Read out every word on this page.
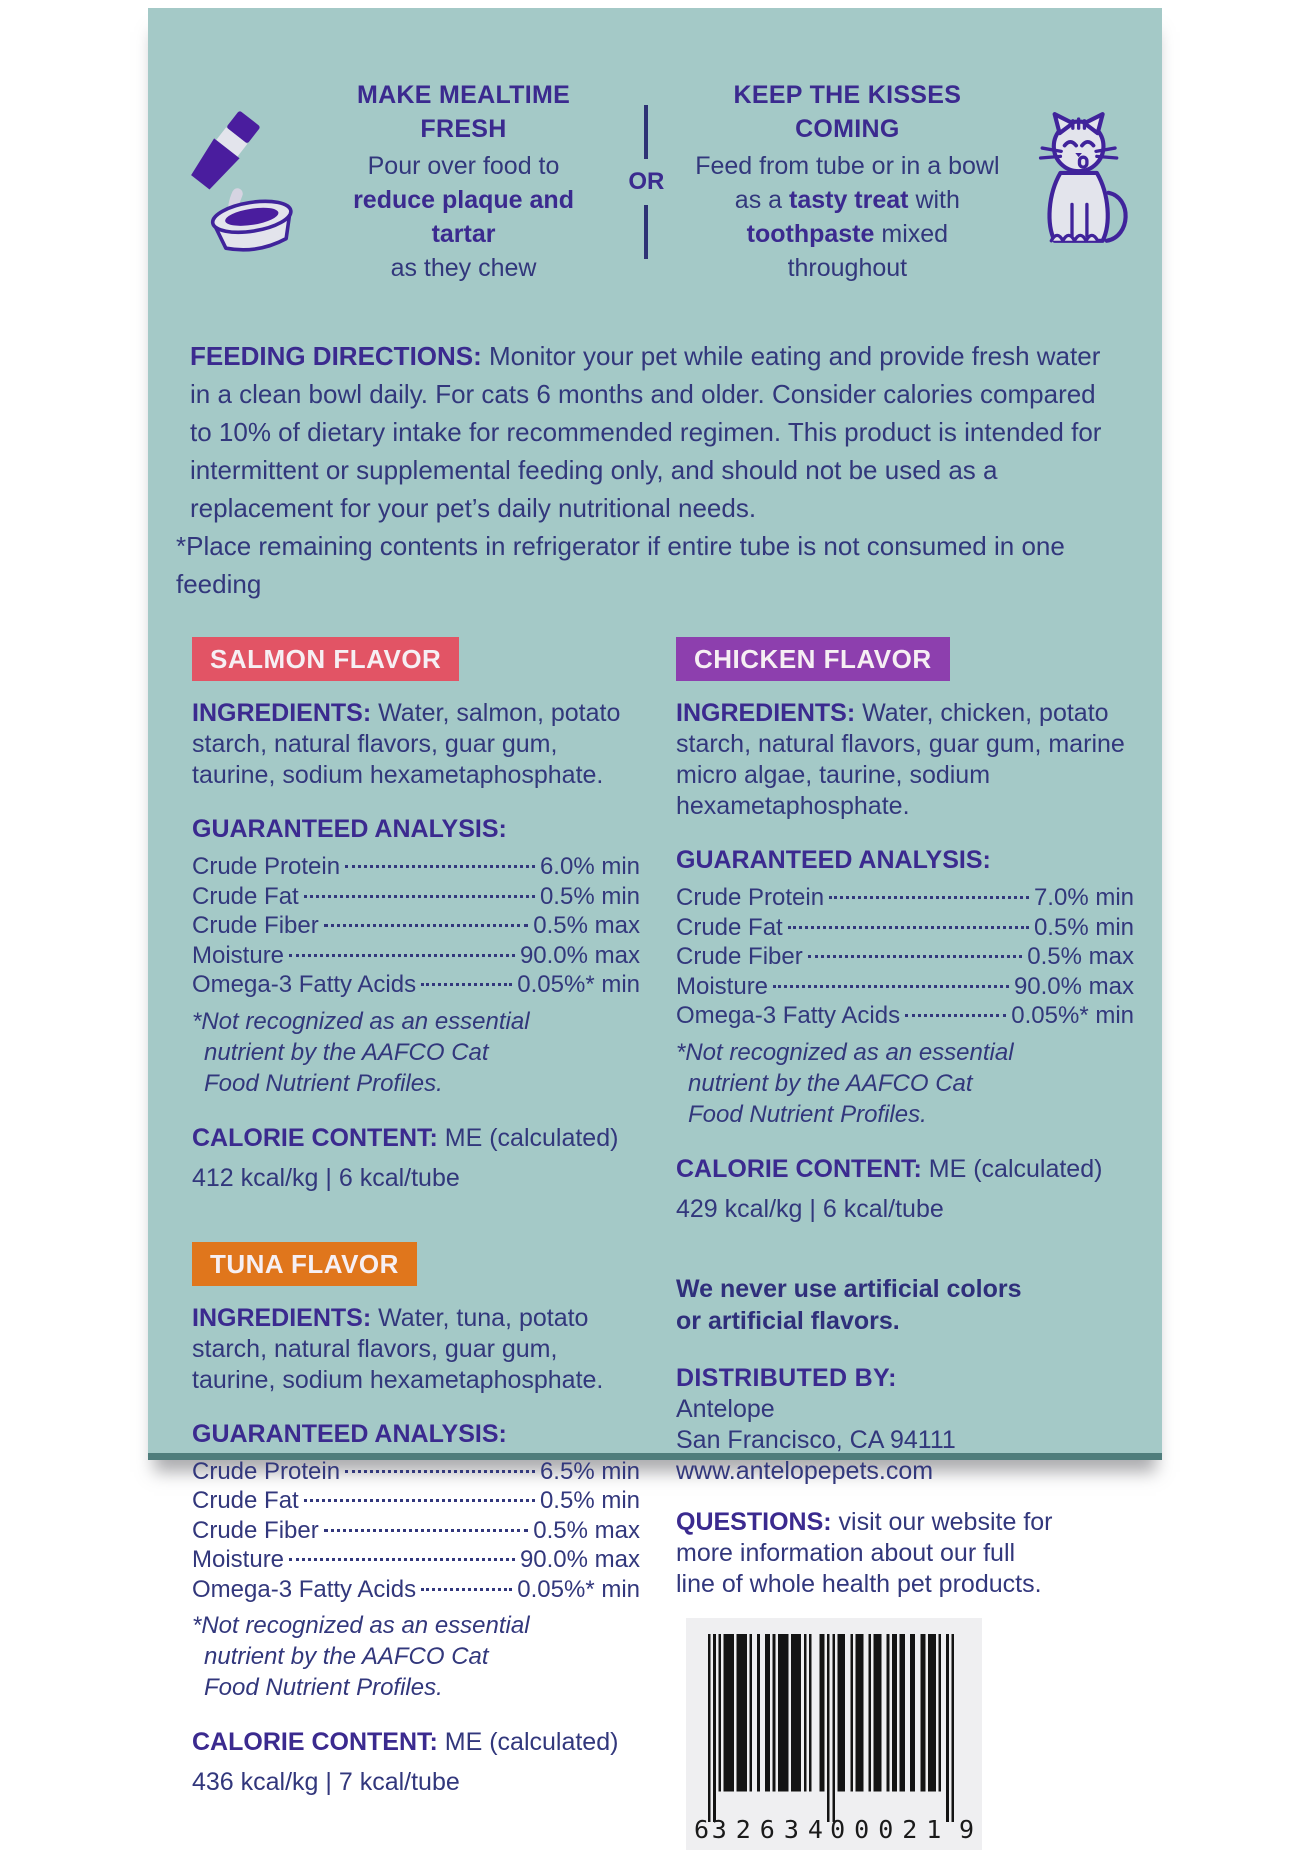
MAKE MEALTIME FRESH
Pour over food to
reduce plaque and tartar
as they chew
OR
KEEP THE KISSES COMING
Feed from tube or in a bowl
as a tasty treat with
toothpaste mixed throughout
FEEDING DIRECTIONS: Monitor your pet while eating and provide fresh water in a clean bowl daily. For cats 6 months and older. Consider calories compared to 10% of dietary intake for recommended regimen. This product is intended for intermittent or supplemental feeding only, and should not be used as a replacement for your pet’s daily nutritional needs.
*Place remaining contents in refrigerator if entire tube is not consumed in one feeding
SALMON FLAVOR
INGREDIENTS: Water, salmon, potato starch, natural flavors, guar gum, taurine, sodium hexametaphosphate.
GUARANTEED ANALYSIS:
Crude Protein	6.0% min
Crude Fat	0.5% min
Crude Fiber	0.5% max
Moisture	90.0% max
Omega-3 Fatty Acids	0.05%* min
*Not recognized as an essential nutrient by the AAFCO Cat Food Nutrient Profiles.
CALORIE CONTENT: ME (calculated)
412 kcal/kg | 6 kcal/tube
TUNA FLAVOR
INGREDIENTS: Water, tuna, potato starch, natural flavors, guar gum, taurine, sodium hexametaphosphate.
GUARANTEED ANALYSIS:
Crude Protein	6.5% min
Crude Fat	0.5% min
Crude Fiber	0.5% max
Moisture	90.0% max
Omega-3 Fatty Acids	0.05%* min
*Not recognized as an essential nutrient by the AAFCO Cat Food Nutrient Profiles.
CALORIE CONTENT: ME (calculated)
436 kcal/kg | 7 kcal/tube
CHICKEN FLAVOR
INGREDIENTS: Water, chicken, potato starch, natural flavors, guar gum, marine micro algae, taurine, sodium hexametaphosphate.
GUARANTEED ANALYSIS:
Crude Protein	7.0% min
Crude Fat	0.5% min
Crude Fiber	0.5% max
Moisture	90.0% max
Omega-3 Fatty Acids	0.05%* min
*Not recognized as an essential nutrient by the AAFCO Cat Food Nutrient Profiles.
CALORIE CONTENT: ME (calculated)
429 kcal/kg | 6 kcal/tube
We never use artificial colors or artificial flavors.
DISTRIBUTED BY:
Antelope
San Francisco, CA 94111
www.antelopepets.com
QUESTIONS: visit our website for more information about our full line of whole health pet products.
6 32634
00021 9
